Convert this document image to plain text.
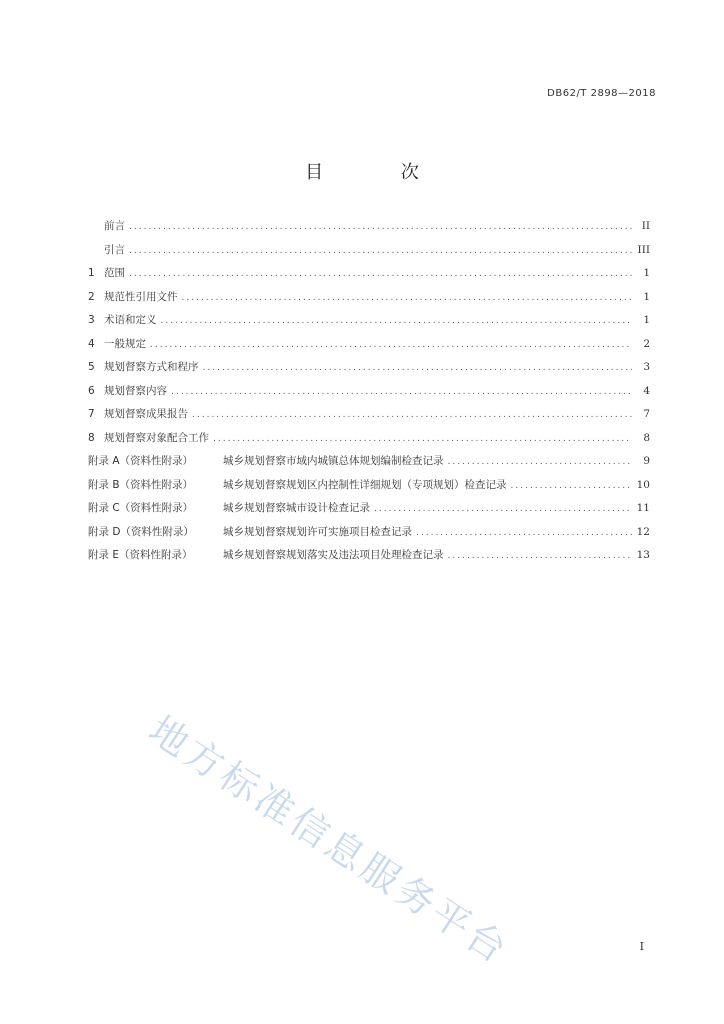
DB62/T 2898—2018
目 次
前言 .....	II
引言 .....	III
1 范围 .....	1
2 规范性引用文件 .....	1
3 术语和定义 .....	1
4 一般规定 .....	2
5 规划督察方式和程序 .....	3
6 规划督察内容 .....	4
7 规划督察成果报告 .....	7
8 规划督察对象配合工作 .....	8
附录 A（资料性附录）	城乡规划督察市域内城镇总体规划编制检查记录 .....	9
附录 B（资料性附录）	城乡规划督察规划区内控制性详细规划（专项规划）检查记录 .....	10
附录 C（资料性附录）	城乡规划督察城市设计检查记录 .....	11
附录 D（资料性附录）	城乡规划督察规划许可实施项目检查记录 .....	12
附录 E（资料性附录）	城乡规划督察规划落实及违法项目处理检查记录 .....	13
地方标准信息服务平台	I
